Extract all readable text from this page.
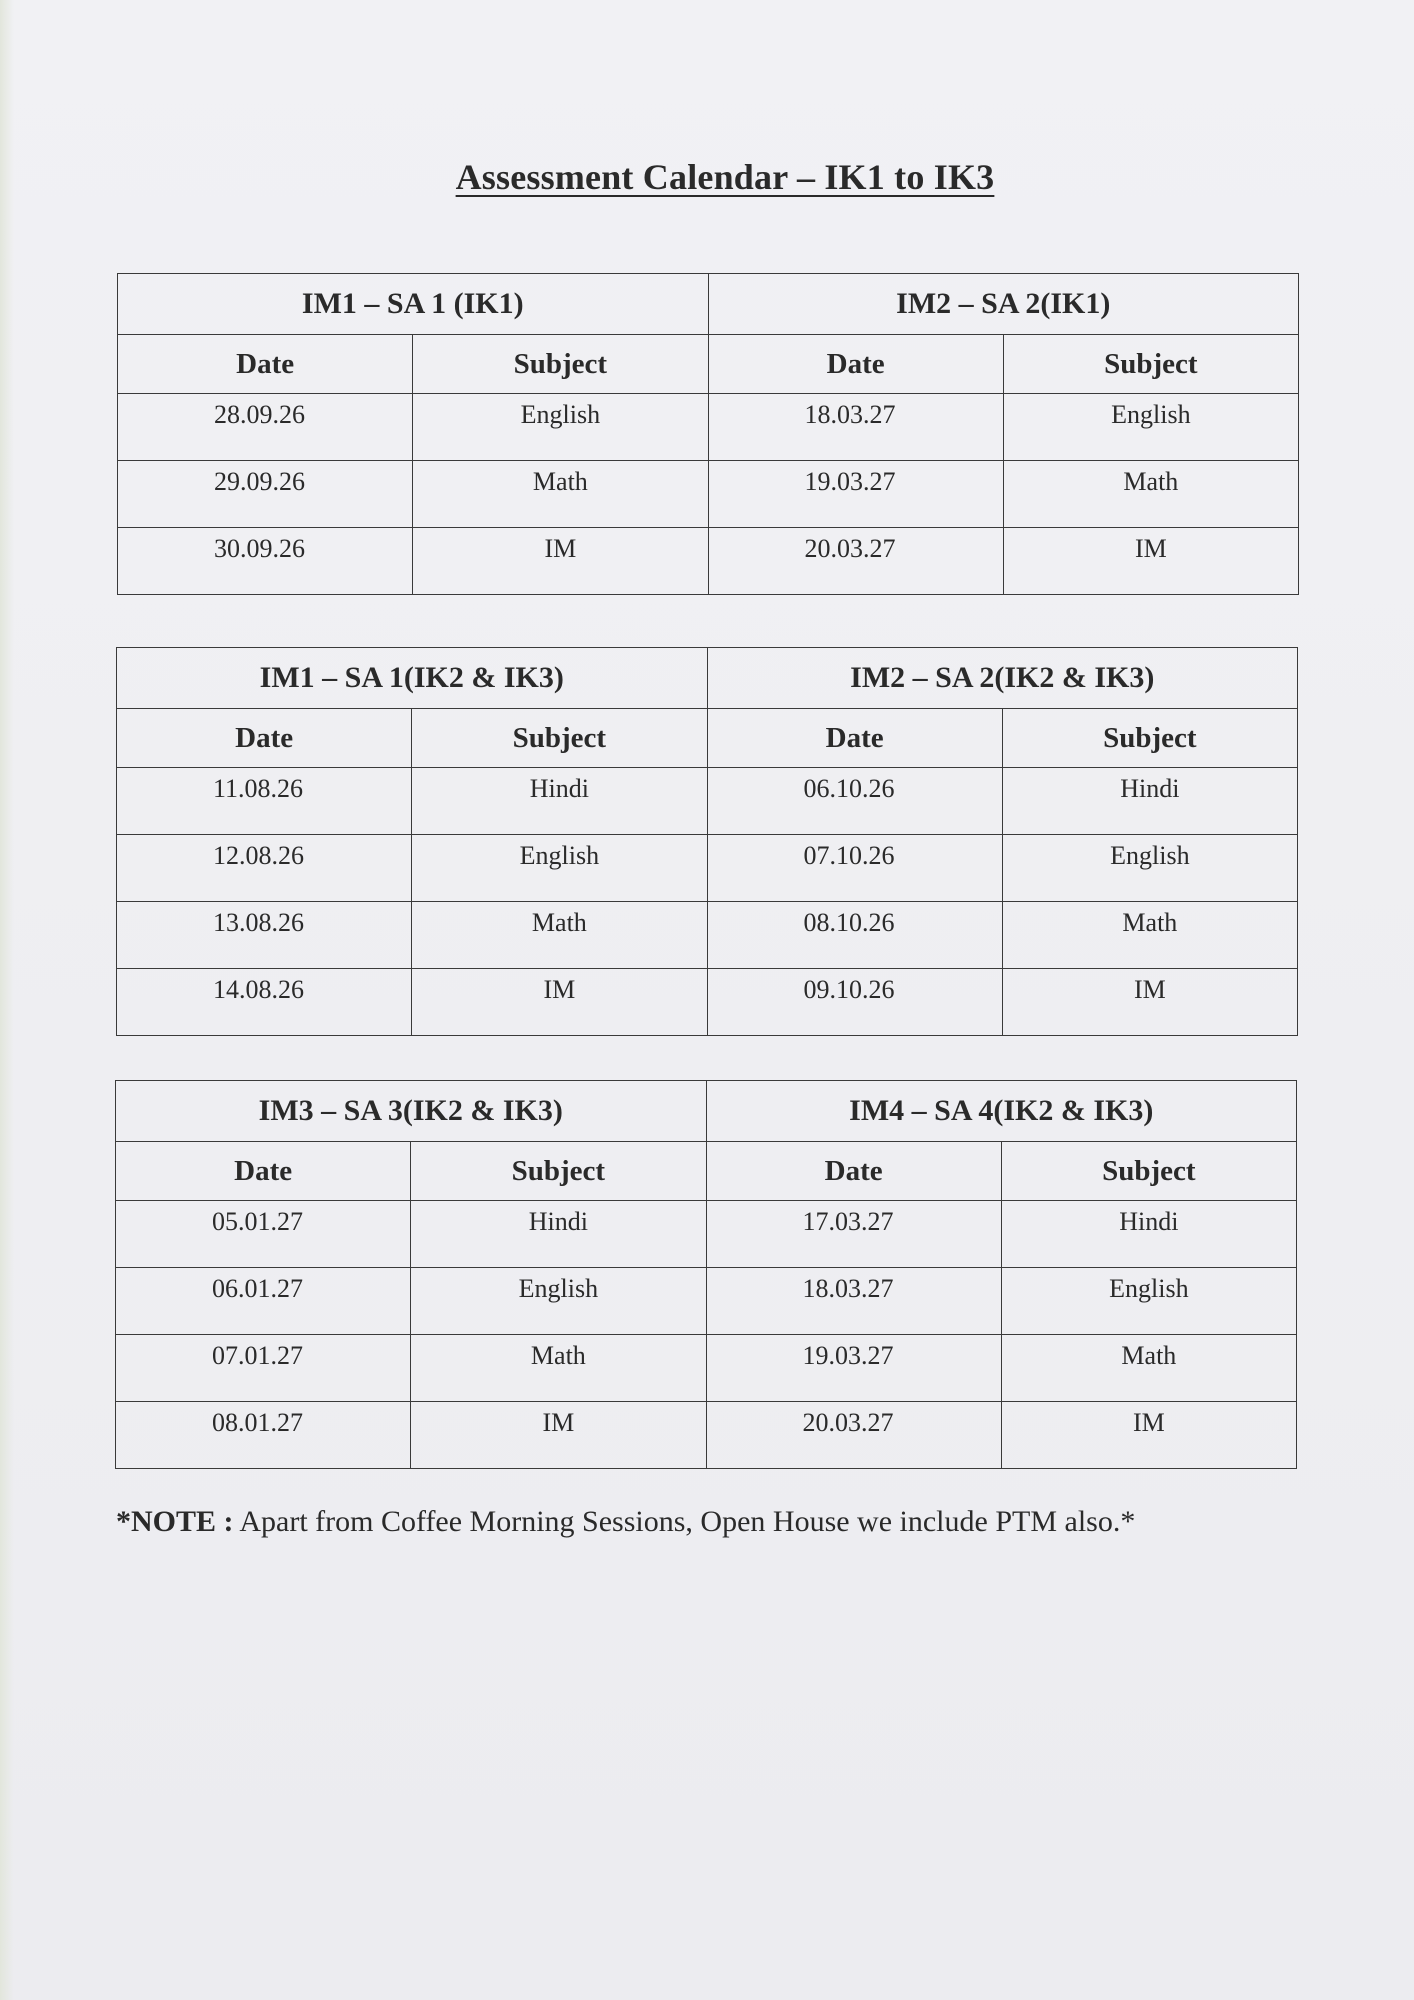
Assessment Calendar – IK1 to IK3
IM1 – SA 1 (IK1)		IM2 – SA 2(IK1)	
Date	Subject	Date	Subject
28.09.26	English	18.03.27	English
29.09.26	Math	19.03.27	Math
30.09.26	IM	20.03.27	IM
IM1 – SA 1(IK2 & IK3)		IM2 – SA 2(IK2 & IK3)	
Date	Subject	Date	Subject
11.08.26	Hindi	06.10.26	Hindi
12.08.26	English	07.10.26	English
13.08.26	Math	08.10.26	Math
14.08.26	IM	09.10.26	IM
IM3 – SA 3(IK2 & IK3)		IM4 – SA 4(IK2 & IK3)	
Date	Subject	Date	Subject
05.01.27	Hindi	17.03.27	Hindi
06.01.27	English	18.03.27	English
07.01.27	Math	19.03.27	Math
08.01.27	IM	20.03.27	IM

*NOTE : Apart from Coffee Morning Sessions, Open House we include PTM also.*
